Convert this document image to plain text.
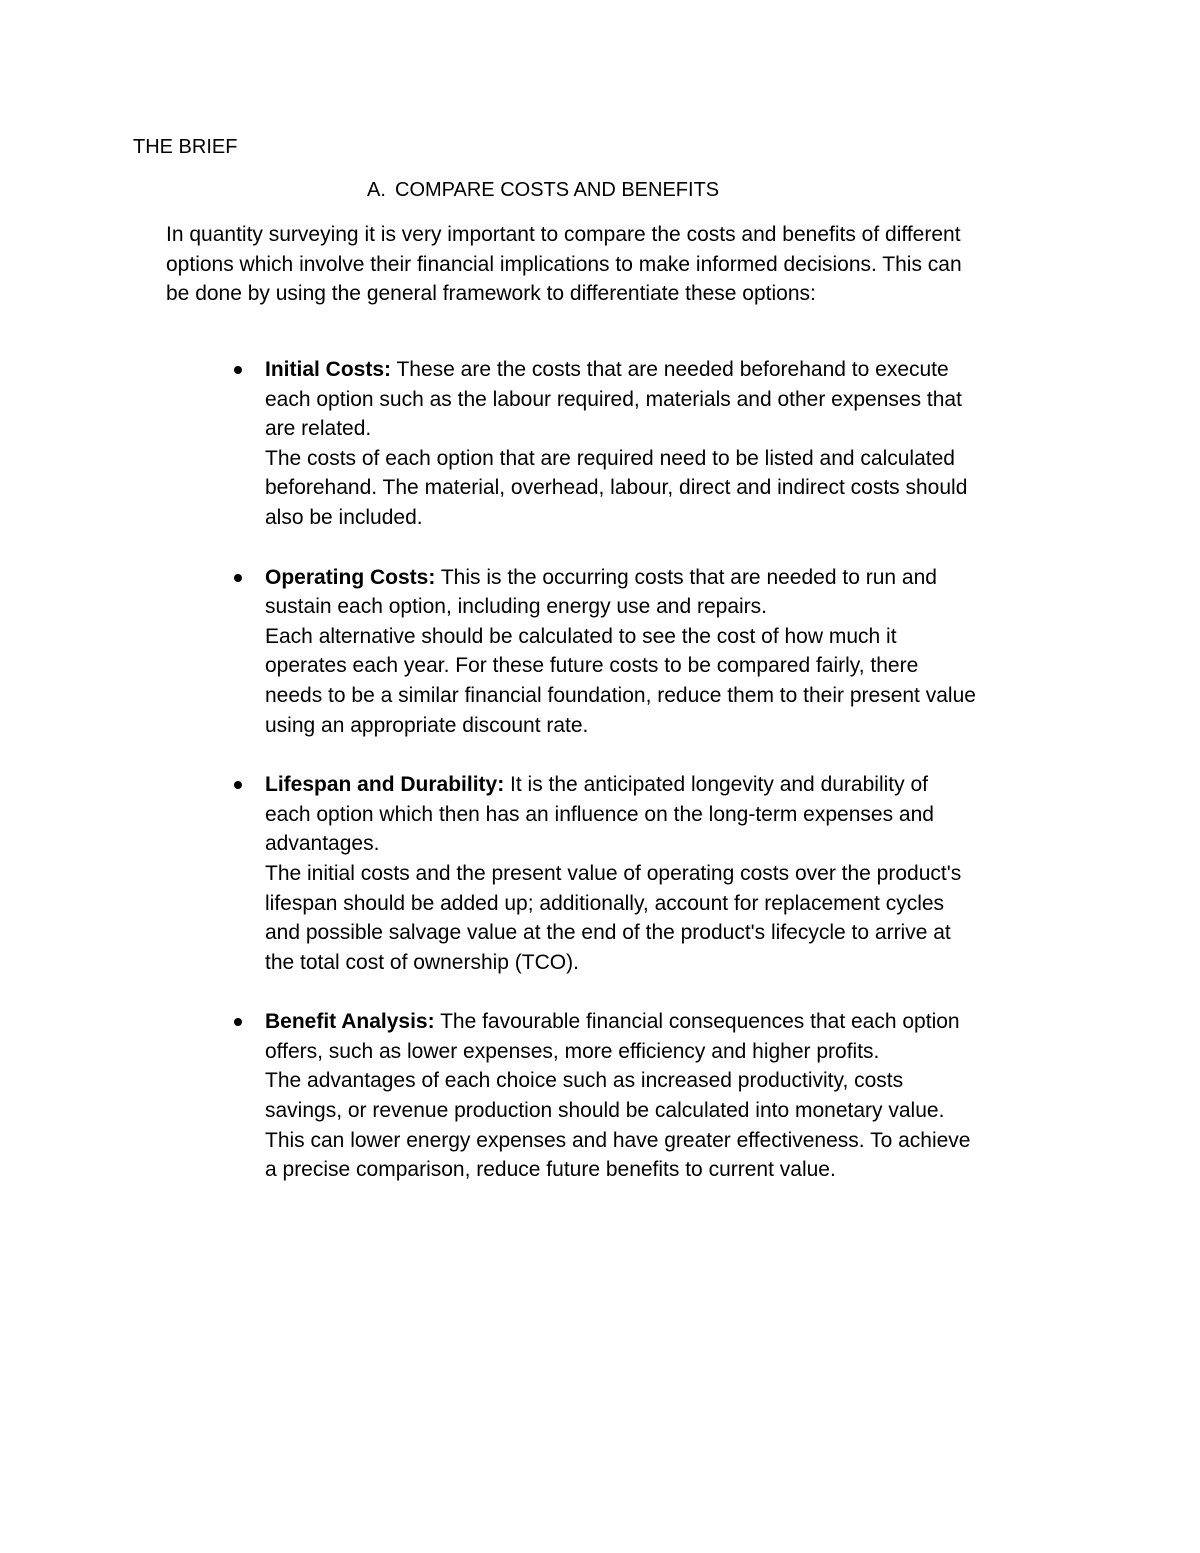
THE BRIEF
A. COMPARE COSTS AND BENEFITS

In quantity surveying it is very important to compare the costs and benefits of different options which involve their financial implications to make informed decisions. This can be done by using the general framework to differentiate these options:

Initial Costs: These are the costs that are needed beforehand to execute each option such as the labour required, materials and other expenses that are related.
The costs of each option that are required need to be listed and calculated beforehand. The material, overhead, labour, direct and indirect costs should also be included.
Operating Costs: This is the occurring costs that are needed to run and sustain each option, including energy use and repairs.
Each alternative should be calculated to see the cost of how much it operates each year. For these future costs to be compared fairly, there needs to be a similar financial foundation, reduce them to their present value using an appropriate discount rate.
Lifespan and Durability: It is the anticipated longevity and durability of each option which then has an influence on the long-term expenses and advantages.
The initial costs and the present value of operating costs over the product's lifespan should be added up; additionally, account for replacement cycles and possible salvage value at the end of the product's lifecycle to arrive at the total cost of ownership (TCO).
Benefit Analysis: The favourable financial consequences that each option offers, such as lower expenses, more efficiency and higher profits.
The advantages of each choice such as increased productivity, costs savings, or revenue production should be calculated into monetary value. This can lower energy expenses and have greater effectiveness. To achieve a precise comparison, reduce future benefits to current value.
